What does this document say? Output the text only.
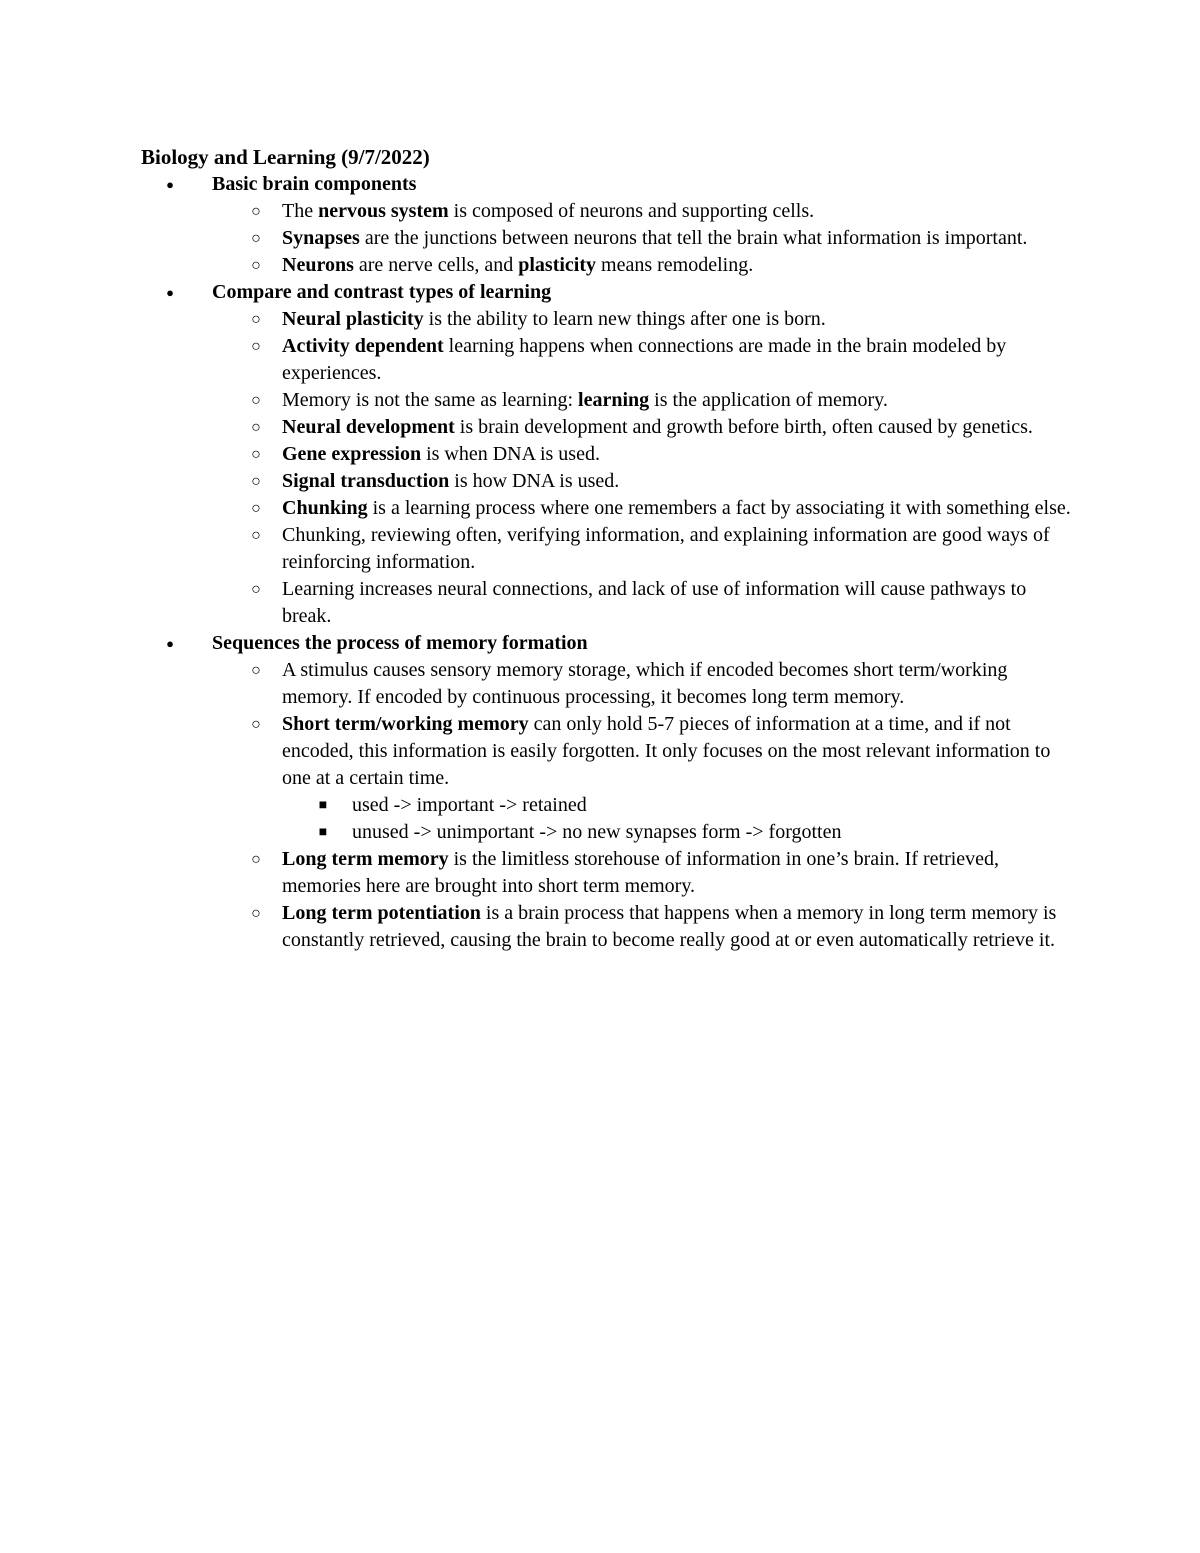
Biology and Learning (9/7/2022)
●	Basic brain components
○ The nervous system is composed of neurons and supporting cells.
○ Synapses are the junctions between neurons that tell the brain what information is important.
○ Neurons are nerve cells, and plasticity means remodeling.
●	Compare and contrast types of learning
○ Neural plasticity is the ability to learn new things after one is born.
○ Activity dependent learning happens when connections are made in the brain modeled by experiences.
○ Memory is not the same as learning: learning is the application of memory.
○ Neural development is brain development and growth before birth, often caused by genetics.
○ Gene expression is when DNA is used.
○ Signal transduction is how DNA is used.
○ Chunking is a learning process where one remembers a fact by associating it with something else.
○ Chunking, reviewing often, verifying information, and explaining information are good ways of reinforcing information.
○ Learning increases neural connections, and lack of use of information will cause pathways to break.
●	Sequences the process of memory formation
○ A stimulus causes sensory memory storage, which if encoded becomes short term/working memory. If encoded by continuous processing, it becomes long term memory.
○ Short term/working memory can only hold 5-7 pieces of information at a time, and if not encoded, this information is easily forgotten. It only focuses on the most relevant information to one at a certain time.
■ used -> important -> retained
■ unused -> unimportant -> no new synapses form -> forgotten
○ Long term memory is the limitless storehouse of information in one’s brain. If retrieved, memories here are brought into short term memory.
○ Long term potentiation is a brain process that happens when a memory in long term memory is constantly retrieved, causing the brain to become really good at or even automatically retrieve it.
